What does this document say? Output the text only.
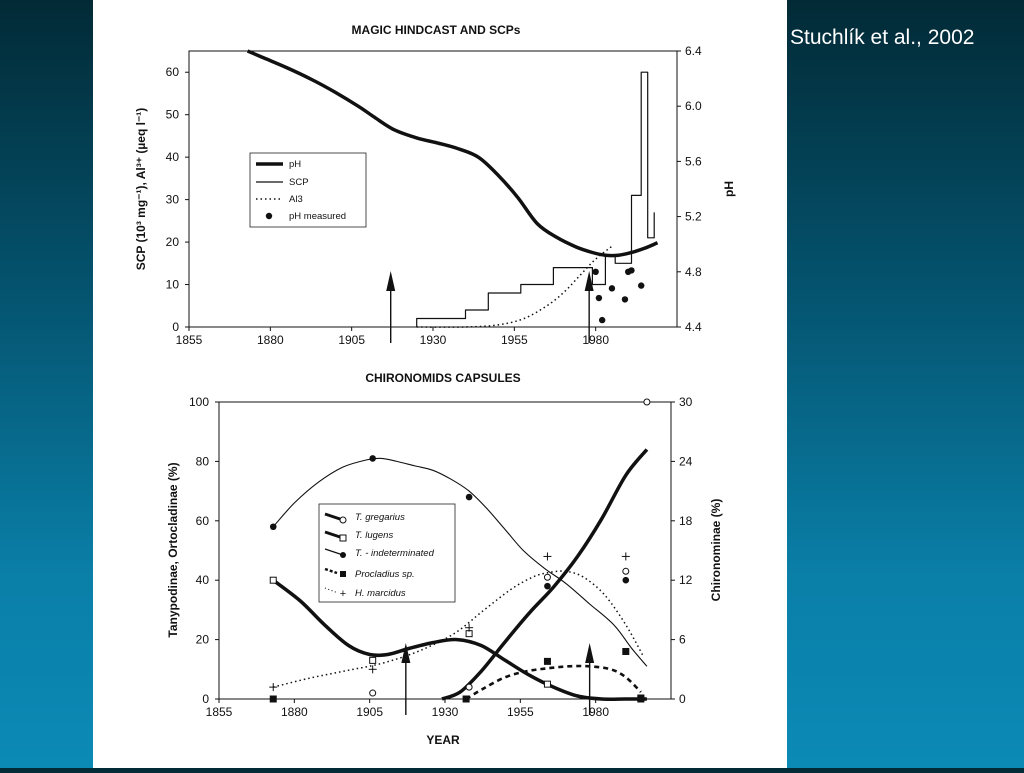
MAGIC HINDCAST AND SCPs
1855	1880	1905	1930	1955	1980
0
10
20
30
40
50
60
4.4
4.8
5.2
5.6
6.0
6.4
SCP (10³ mg⁻¹), Al³⁺ (µeq l⁻¹)	pH
pH
SCP
Al3
pH measured
CHIRONOMIDS CAPSULES
1855	1880	1905	1930	1955	1980
0
20
40
60
80
100
0
6
12
18
24
30
Tanypodinae, Ortocladinae (%)	Chironominae (%)
YEAR
T. gregarius
T. lugens
T. - indeterminated
Procladius sp.
+ H. marcidus
Stuchlík et al., 2002
